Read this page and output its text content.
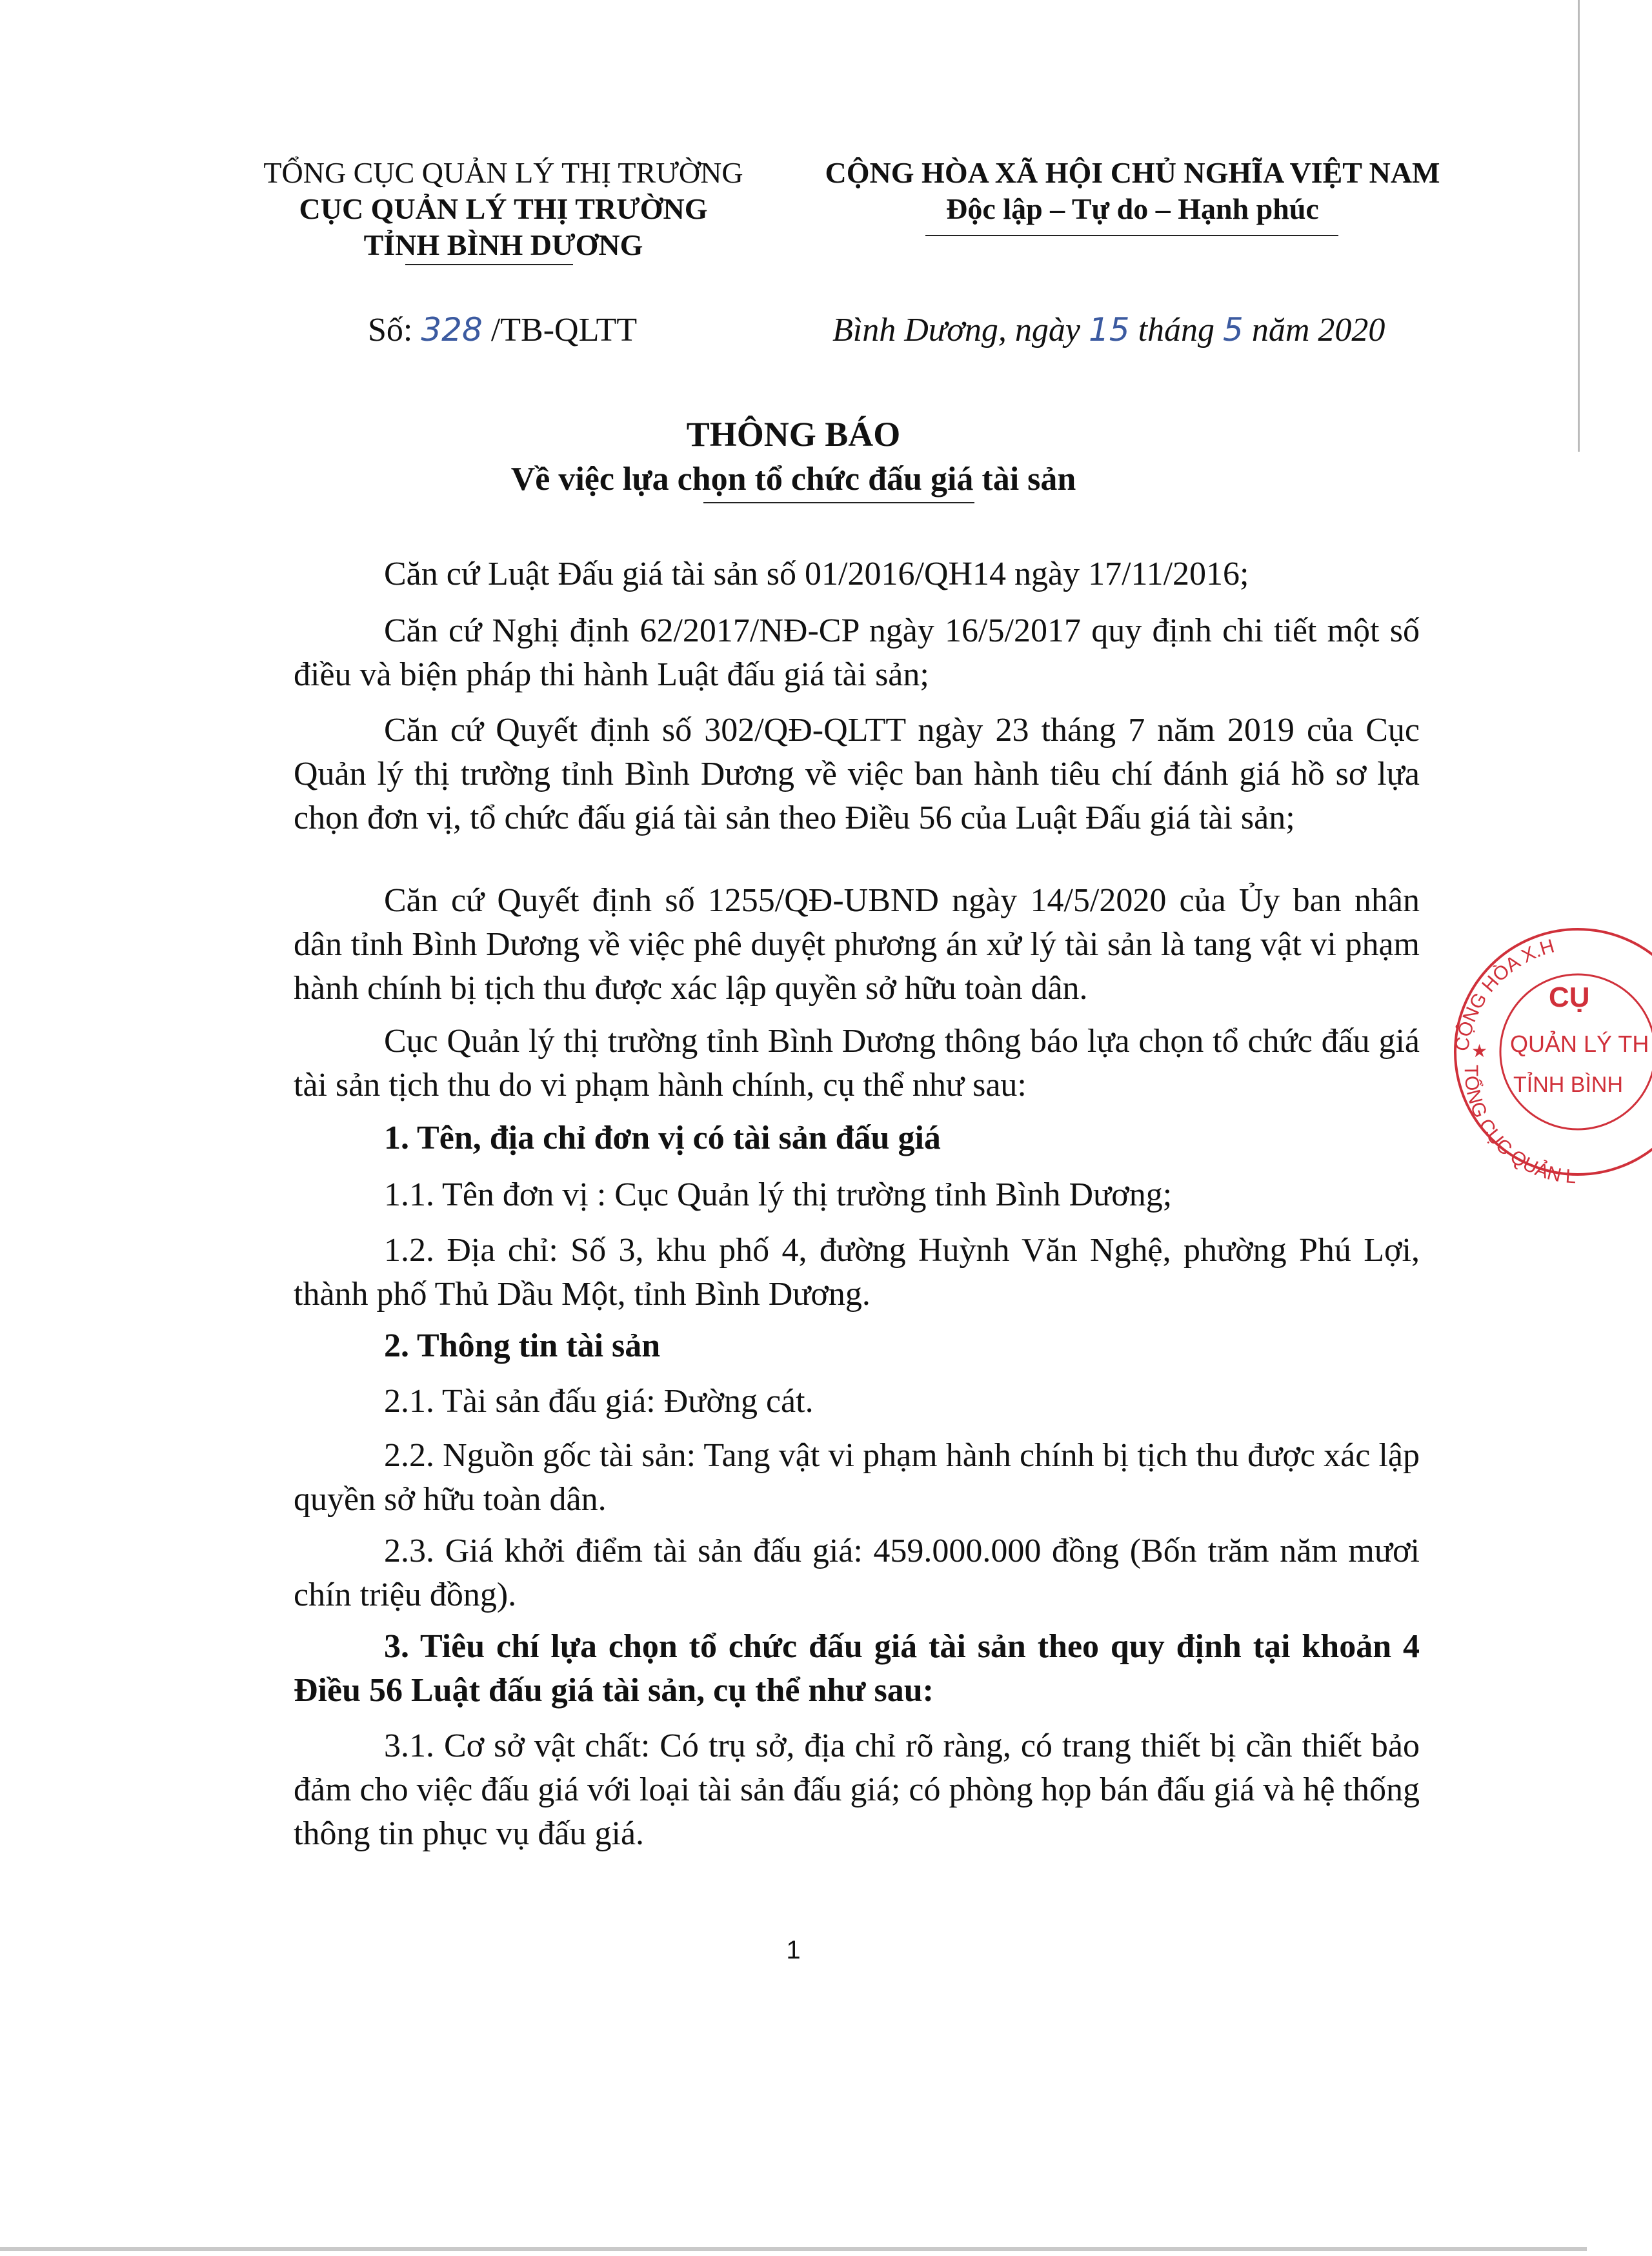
TỔNG CỤC QUẢN LÝ THỊ TRƯỜNG
CỤC QUẢN LÝ THỊ TRƯỜNG
TỈNH BÌNH DƯƠNG
CỘNG HÒA XÃ HỘI CHỦ NGHĨA VIỆT NAM
Độc lập – Tự do – Hạnh phúc
Số: 328 /TB-QLTT	Bình Dương, ngày 15 tháng 5 năm 2020
THÔNG BÁO
Về việc lựa chọn tổ chức đấu giá tài sản
Căn cứ Luật Đấu giá tài sản số 01/2016/QH14 ngày 17/11/2016;
Căn cứ Nghị định 62/2017/NĐ-CP ngày 16/5/2017 quy định chi tiết một số điều và biện pháp thi hành Luật đấu giá tài sản;
Căn cứ Quyết định số 302/QĐ-QLTT ngày 23 tháng 7 năm 2019 của Cục Quản lý thị trường tỉnh Bình Dương về việc ban hành tiêu chí đánh giá hồ sơ lựa chọn đơn vị, tổ chức đấu giá tài sản theo Điều 56 của Luật Đấu giá tài sản;
Căn cứ Quyết định số 1255/QĐ-UBND ngày 14/5/2020 của Ủy ban nhân dân tỉnh Bình Dương về việc phê duyệt phương án xử lý tài sản là tang vật vi phạm hành chính bị tịch thu được xác lập quyền sở hữu toàn dân.
Cục Quản lý thị trường tỉnh Bình Dương thông báo lựa chọn tổ chức đấu giá tài sản tịch thu do vi phạm hành chính, cụ thể như sau:
1. Tên, địa chỉ đơn vị có tài sản đấu giá
1.1. Tên đơn vị : Cục Quản lý thị trường tỉnh Bình Dương;
1.2. Địa chỉ: Số 3, khu phố 4, đường Huỳnh Văn Nghệ, phường Phú Lợi, thành phố Thủ Dầu Một, tỉnh Bình Dương.
2. Thông tin tài sản
2.1. Tài sản đấu giá: Đường cát.
2.2. Nguồn gốc tài sản: Tang vật vi phạm hành chính bị tịch thu được xác lập quyền sở hữu toàn dân.
2.3. Giá khởi điểm tài sản đấu giá: 459.000.000 đồng (Bốn trăm năm mươi chín triệu đồng).
3. Tiêu chí lựa chọn tổ chức đấu giá tài sản theo quy định tại khoản 4 Điều 56 Luật đấu giá tài sản, cụ thể như sau:
3.1. Cơ sở vật chất: Có trụ sở, địa chỉ rõ ràng, có trang thiết bị cần thiết bảo đảm cho việc đấu giá với loại tài sản đấu giá; có phòng họp bán đấu giá và hệ thống thông tin phục vụ đấu giá.
1
CỘNG HÒA X.H
TỔNG CỤC QUẢN L
CỤ
QUẢN LÝ TH
TỈNH BÌNH
★
